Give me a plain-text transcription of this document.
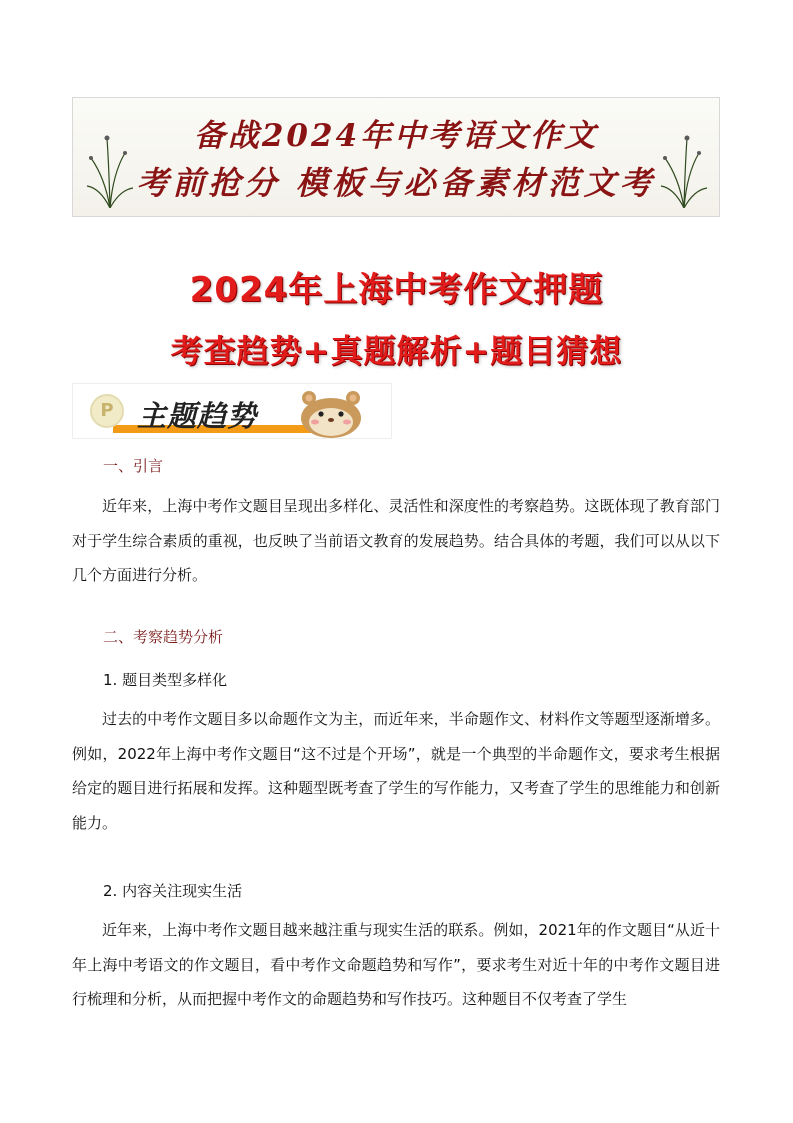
备战2024年中考语文作文
考前抢分 模板与必备素材范文考
2024年上海中考作文押题
考查趋势+真题解析+题目猜想
P 主题趋势
一、引言

近年来，上海中考作文题目呈现出多样化、灵活性和深度性的考察趋势。这既体现了教育部门对于学生综合素质的重视，也反映了当前语文教育的发展趋势。结合具体的考题，我们可以从以下几个方面进行分析。

二、考察趋势分析
1. 题目类型多样化

过去的中考作文题目多以命题作文为主，而近年来，半命题作文、材料作文等题型逐渐增多。例如，2022年上海中考作文题目“这不过是个开场”，就是一个典型的半命题作文，要求考生根据给定的题目进行拓展和发挥。这种题型既考查了学生的写作能力，又考查了学生的思维能力和创新能力。

2. 内容关注现实生活

近年来，上海中考作文题目越来越注重与现实生活的联系。例如，2021年的作文题目“从近十年上海中考语文的作文题目，看中考作文命题趋势和写作”，要求考生对近十年的中考作文题目进行梳理和分析，从而把握中考作文的命题趋势和写作技巧。这种题目不仅考查了学生
